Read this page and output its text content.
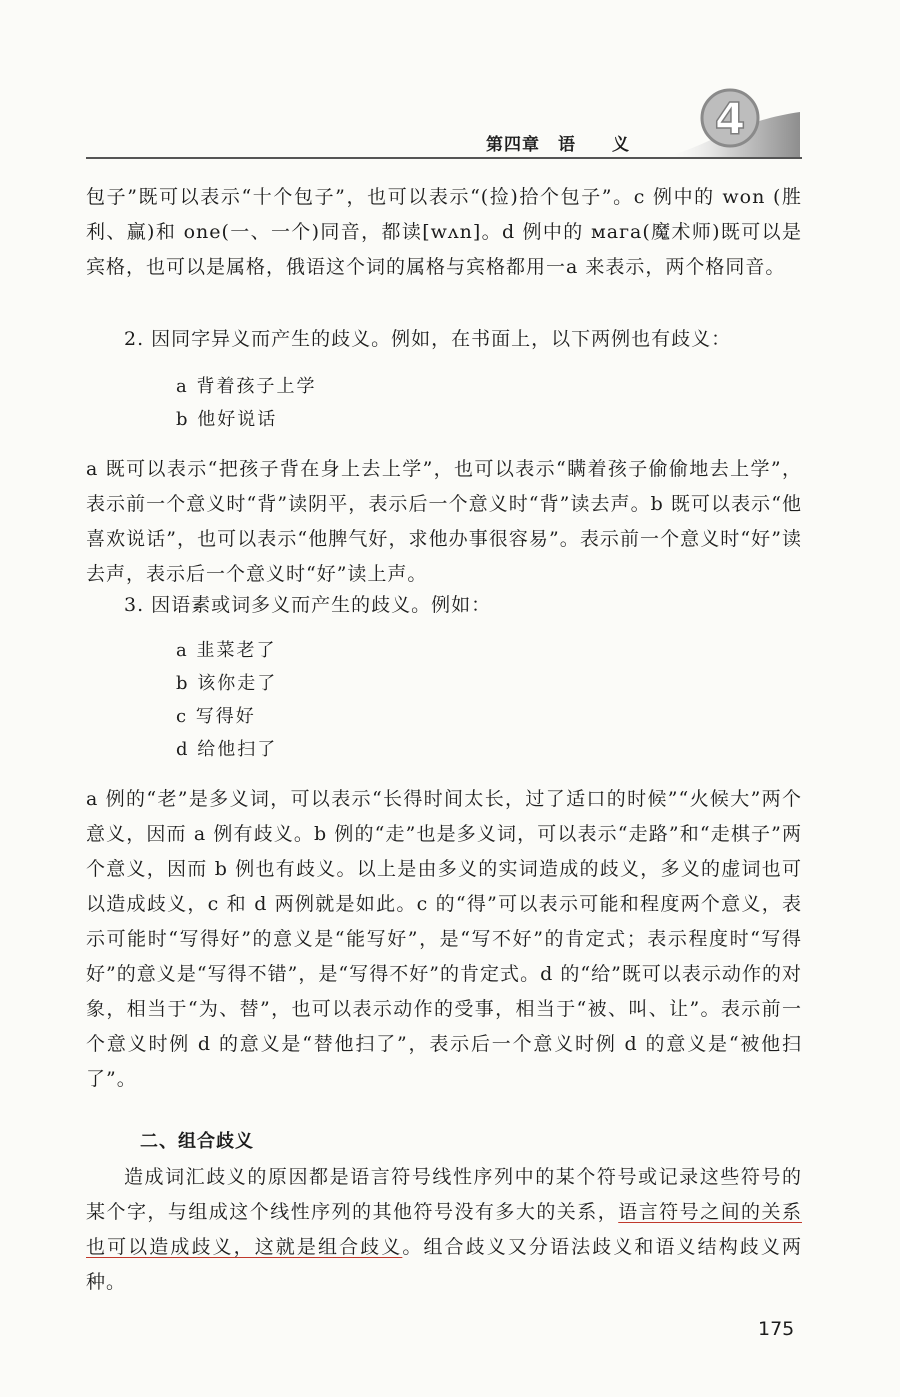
第四章　语　　义 4

包子”既可以表示“十个包子”，也可以表示“(捡)拾个包子”。c 例中的 won (胜利、赢)和 one(一、一个)同音，都读[wʌn]。d 例中的 мага(魔术师)既可以是宾格，也可以是属格，俄语这个词的属格与宾格都用一a 来表示，两个格同音。

2. 因同字异义而产生的歧义。例如，在书面上，以下两例也有歧义：

a 背着孩子上学
b 他好说话

a 既可以表示“把孩子背在身上去上学”，也可以表示“瞒着孩子偷偷地去上学”，表示前一个意义时“背”读阴平，表示后一个意义时“背”读去声。b 既可以表示“他喜欢说话”，也可以表示“他脾气好，求他办事很容易”。表示前一个意义时“好”读去声，表示后一个意义时“好”读上声。

3. 因语素或词多义而产生的歧义。例如：

a 韭菜老了
b 该你走了
c 写得好
d 给他扫了

a 例的“老”是多义词，可以表示“长得时间太长，过了适口的时候”“火候大”两个意义，因而 a 例有歧义。b 例的“走”也是多义词，可以表示“走路”和“走棋子”两个意义，因而 b 例也有歧义。以上是由多义的实词造成的歧义，多义的虚词也可以造成歧义，c 和 d 两例就是如此。c 的“得”可以表示可能和程度两个意义，表示可能时“写得好”的意义是“能写好”，是“写不好”的肯定式；表示程度时“写得好”的意义是“写得不错”，是“写得不好”的肯定式。d 的“给”既可以表示动作的对象，相当于“为、替”，也可以表示动作的受事，相当于“被、叫、让”。表示前一个意义时例 d 的意义是“替他扫了”，表示后一个意义时例 d 的意义是“被他扫了”。

二、组合歧义

造成词汇歧义的原因都是语言符号线性序列中的某个符号或记录这些符号的某个字，与组成这个线性序列的其他符号没有多大的关系，语言符号之间的关系也可以造成歧义，这就是组合歧义。组合歧义又分语法歧义和语义结构歧义两种。

175
